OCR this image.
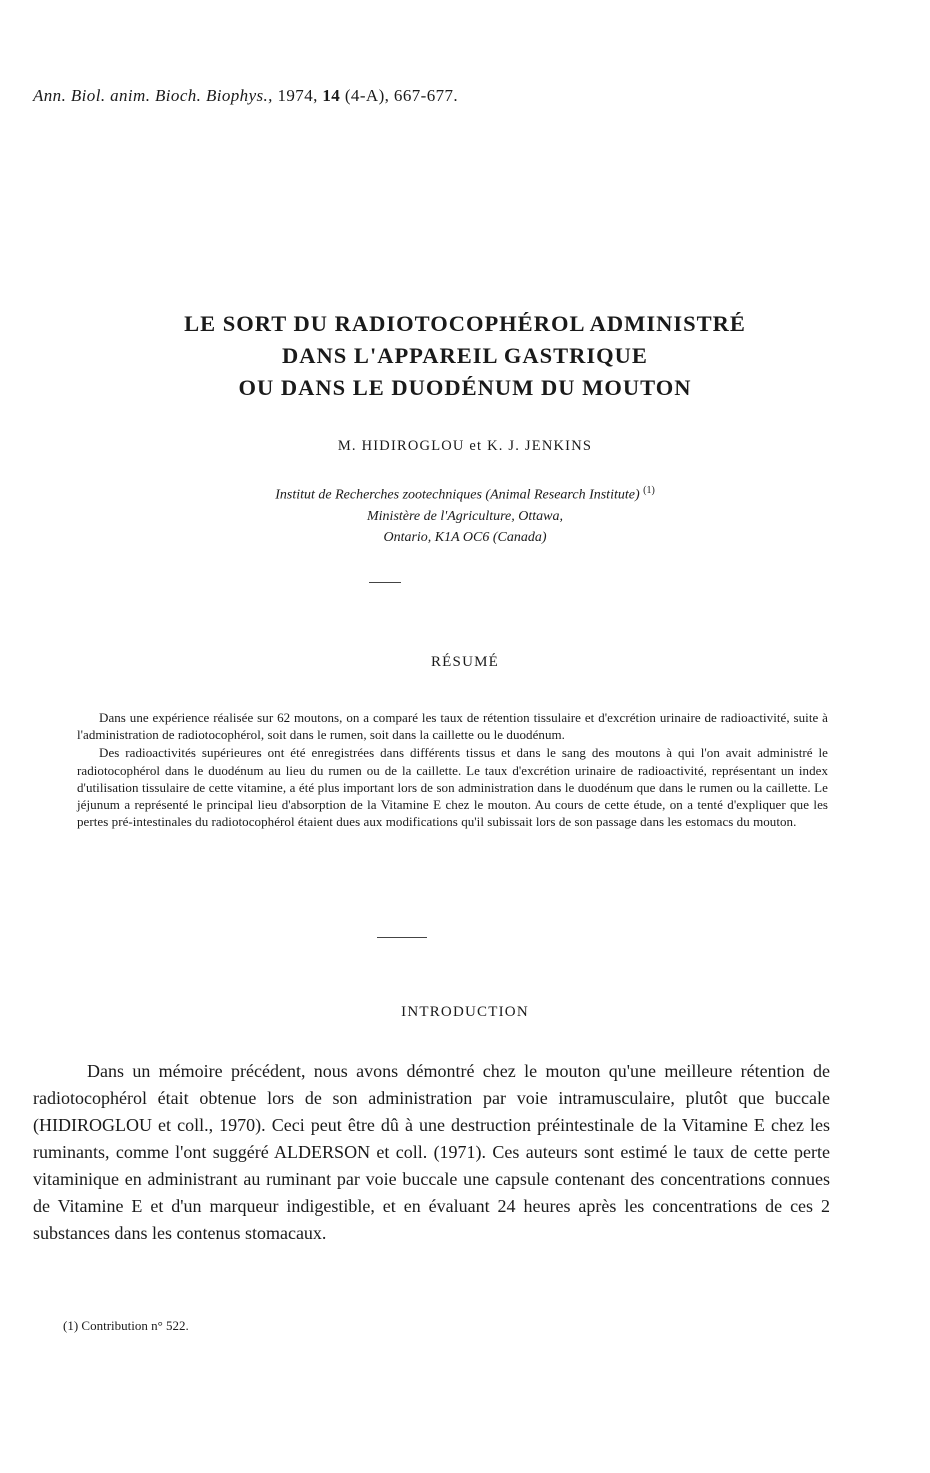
Ann. Biol. anim. Bioch. Biophys., 1974, 14 (4-A), 667-677.
LE SORT DU RADIOTOCOPHÉROL ADMINISTRÉ
DANS L'APPAREIL GASTRIQUE
OU DANS LE DUODÉNUM DU MOUTON
M. HIDIROGLOU et K. J. JENKINS
Institut de Recherches zootechniques (Animal Research Institute) $^{(1)}$
Ministère de l'Agriculture, Ottawa,
Ontario, K1A OC6 (Canada)
RÉSUMÉ

Dans une expérience réalisée sur 62 moutons, on a comparé les taux de rétention tissulaire et d'excrétion urinaire de radioactivité, suite à l'administration de radiotocophérol, soit dans le rumen, soit dans la caillette ou le duodénum.

Des radioactivités supérieures ont été enregistrées dans différents tissus et dans le sang des moutons à qui l'on avait administré le radiotocophérol dans le duodénum au lieu du rumen ou de la caillette. Le taux d'excrétion urinaire de radioactivité, représentant un index d'utilisation tissulaire de cette vitamine, a été plus important lors de son administration dans le duodénum que dans le rumen ou la caillette. Le jéjunum a représenté le principal lieu d'absorption de la Vitamine E chez le mouton. Au cours de cette étude, on a tenté d'expliquer que les pertes pré-intestinales du radiotocophérol étaient dues aux modifications qu'il subissait lors de son passage dans les estomacs du mouton.

INTRODUCTION

Dans un mémoire précédent, nous avons démontré chez le mouton qu'une meilleure rétention de radiotocophérol était obtenue lors de son administration par voie intramusculaire, plutôt que buccale (HIDIROGLOU et coll., 1970). Ceci peut être dû à une destruction préintestinale de la Vitamine E chez les ruminants, comme l'ont suggéré ALDERSON et coll. (1971). Ces auteurs sont estimé le taux de cette perte vitaminique en administrant au ruminant par voie buccale une capsule contenant des concentrations connues de Vitamine E et d'un marqueur indigestible, et en évaluant 24 heures après les concentrations de ces 2 substances dans les contenus stomacaux.

(1) Contribution n° 522.
